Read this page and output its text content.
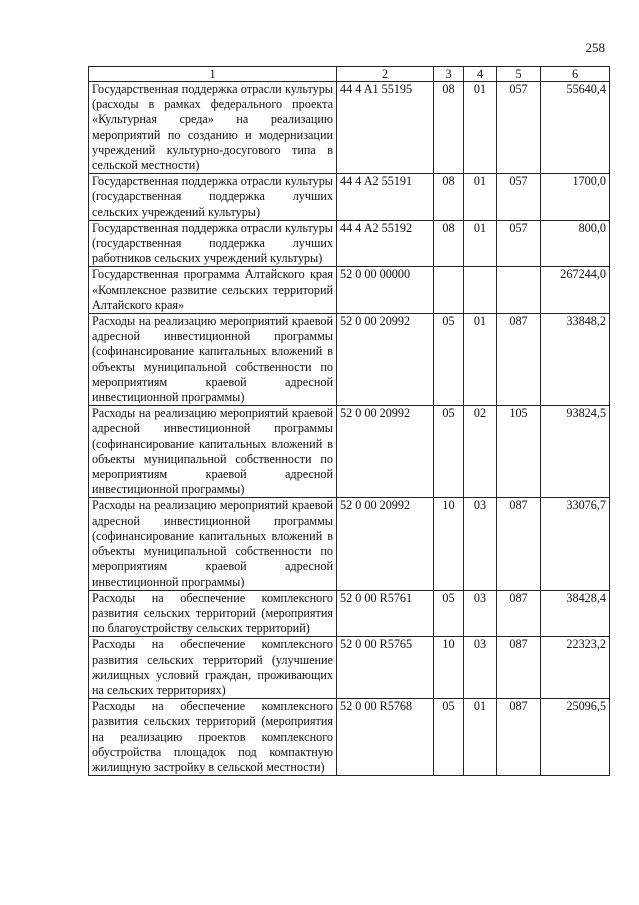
258
1	2	3	4	5	6
Государственная поддержка отрасли культуры (расходы в рамках федерального проекта «Культурная среда» на реализацию мероприятий по созданию и модернизации учреждений культурно-досугового типа в сельской местности)	44 4 A1 55195	08	01	057	55640,4
Государственная поддержка отрасли культуры (государственная поддержка лучших сельских учреждений культуры)	44 4 A2 55191	08	01	057	1700,0
Государственная поддержка отрасли культуры (государственная поддержка лучших работников сельских учреждений культуры)	44 4 A2 55192	08	01	057	800,0
Государственная программа Алтайского края «Комплексное развитие сельских территорий Алтайского края»	52 0 00 00000				267244,0
Расходы на реализацию мероприятий краевой адресной инвестиционной программы (софинансирование капитальных вложений в объекты муниципальной собственности по мероприятиям краевой адресной инвестиционной программы)	52 0 00 20992	05	01	087	33848,2
Расходы на реализацию мероприятий краевой адресной инвестиционной программы (софинансирование капитальных вложений в объекты муниципальной собственности по мероприятиям краевой адресной инвестиционной программы)	52 0 00 20992	05	02	105	93824,5
Расходы на реализацию мероприятий краевой адресной инвестиционной программы (софинансирование капитальных вложений в объекты муниципальной собственности по мероприятиям краевой адресной инвестиционной программы)	52 0 00 20992	10	03	087	33076,7
Расходы на обеспечение комплексного развития сельских территорий (мероприятия по благоустройству сельских территорий)	52 0 00 R5761	05	03	087	38428,4
Расходы на обеспечение комплексного развития сельских территорий (улучшение жилищных условий граждан, проживающих на сельских территориях)	52 0 00 R5765	10	03	087	22323,2
Расходы на обеспечение комплексного развития сельских территорий (мероприятия на реализацию проектов комплексного обустройства площадок под компактную жилищную застройку в сельской местности)	52 0 00 R5768	05	01	087	25096,5
